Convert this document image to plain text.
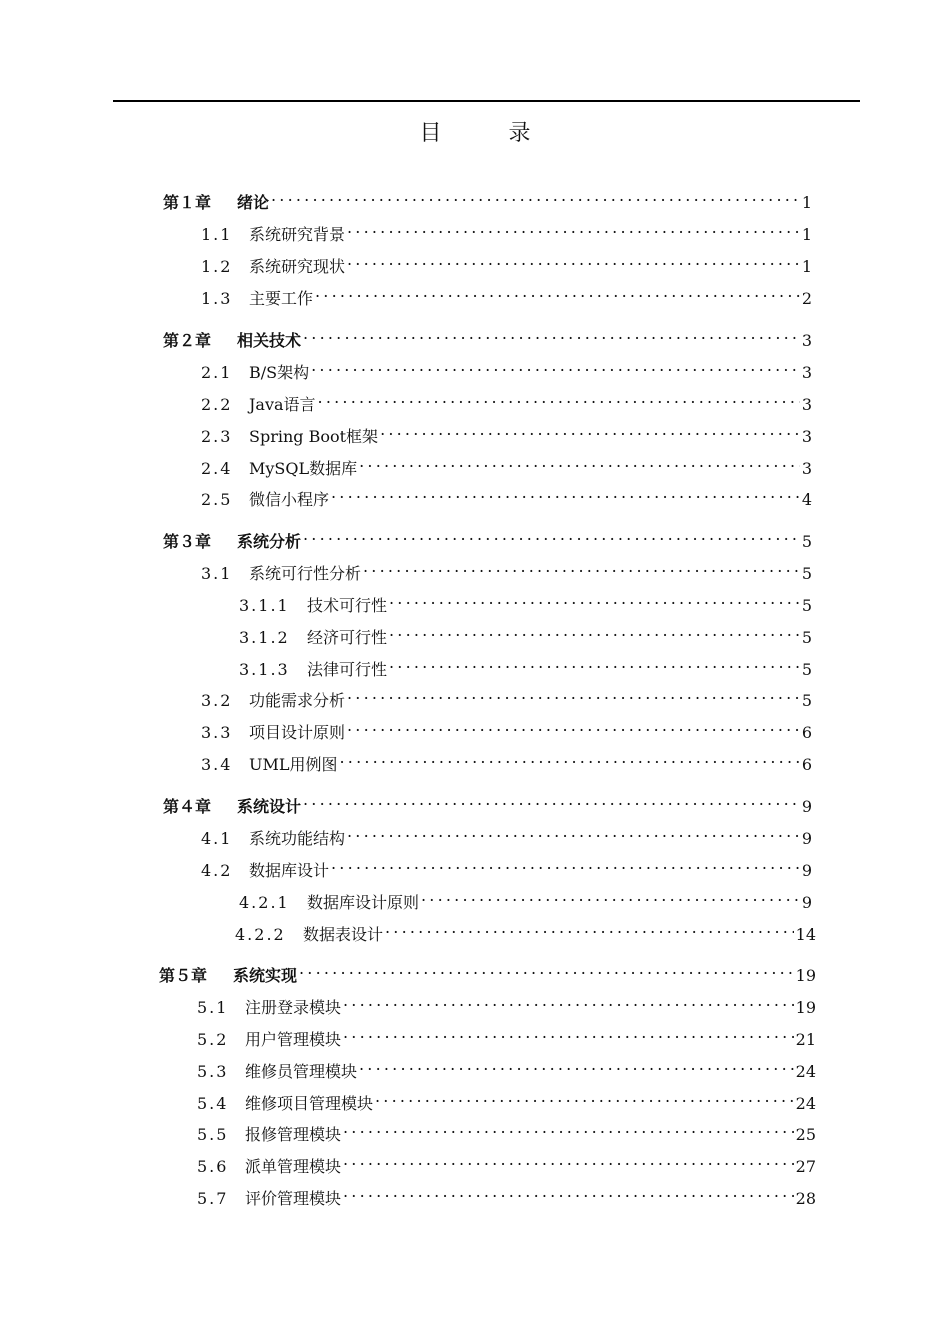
目 录
第１章	绪论 .....	1
1.1	系统研究背景 .....	1
1.2	系统研究现状 .....	1
1.3	主要工作 .....	2
第２章	相关技术 .....	3
2.1	B/S架构 .....	3
2.2	Java语言 .....	3
2.3	Spring Boot框架 .....	3
2.4	MySQL数据库 .....	3
2.5	微信小程序 .....	4
第３章	系统分析 .....	5
3.1	系统可行性分析 .....	5
3.1.1	技术可行性 .....	5
3.1.2	经济可行性 .....	5
3.1.3	法律可行性 .....	5
3.2	功能需求分析 .....	5
3.3	项目设计原则 .....	6
3.4	UML用例图 .....	6
第４章	系统设计 .....	9
4.1	系统功能结构 .....	9
4.2	数据库设计 .....	9
4.2.1	数据库设计原则 .....	9
4.2.2	数据表设计 .....	14
第５章	系统实现 .....	19
5.1	注册登录模块 .....	19
5.2	用户管理模块 .....	21
5.3	维修员管理模块 .....	24
5.4	维修项目管理模块 .....	24
5.5	报修管理模块 .....	25
5.6	派单管理模块 .....	27
5.7	评价管理模块 .....	28
